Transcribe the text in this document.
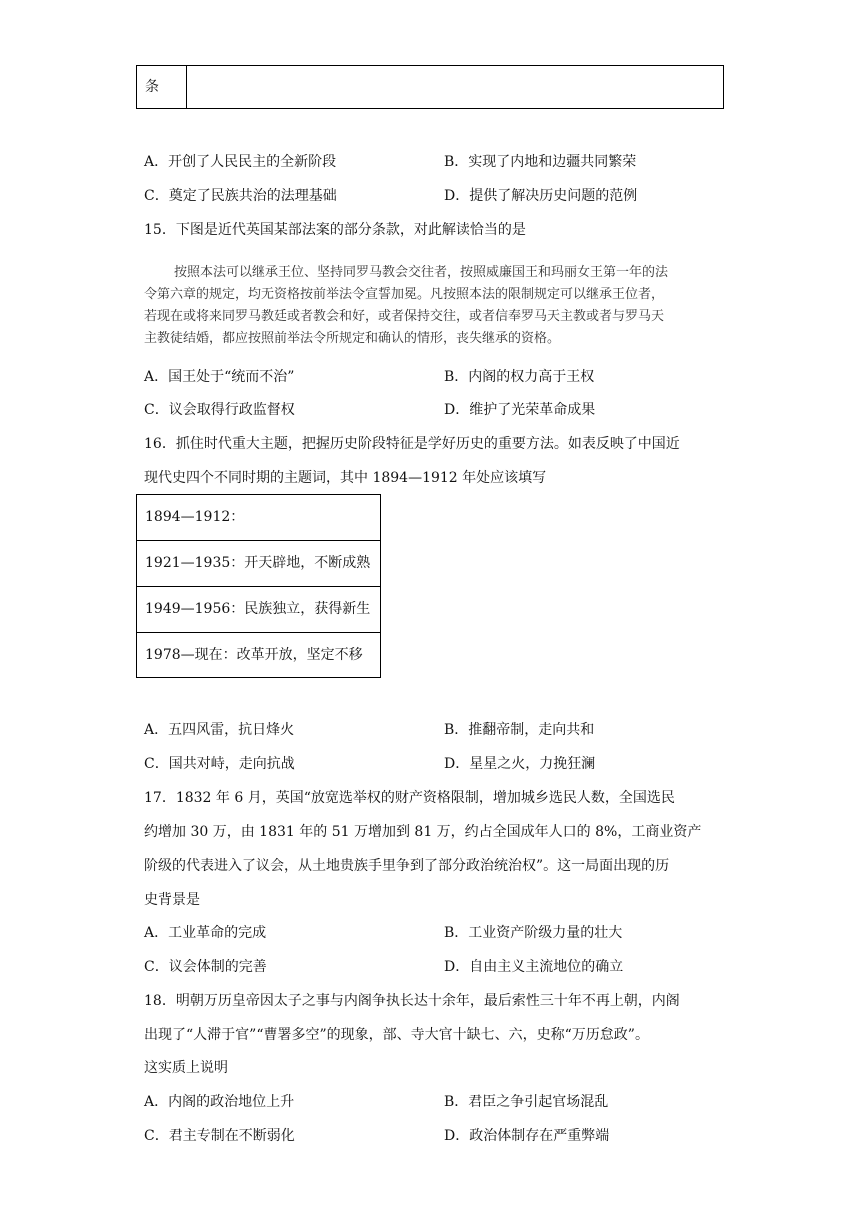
条
A．开创了人民民主的全新阶段	B．实现了内地和边疆共同繁荣
C．奠定了民族共治的法理基础	D．提供了解决历史问题的范例
15．下图是近代英国某部法案的部分条款，对此解读恰当的是

按照本法可以继承王位、坚持同罗马教会交往者，按照威廉国王和玛丽女王第一年的法

令第六章的规定，均无资格按前举法令宣誓加冕。凡按照本法的限制规定可以继承王位者，

若现在或将来同罗马教廷或者教会和好，或者保持交往，或者信奉罗马天主教或者与罗马天

主教徒结婚，都应按照前举法令所规定和确认的情形，丧失继承的资格。

A．国王处于“统而不治”	B．内阁的权力高于王权
C．议会取得行政监督权	D．维护了光荣革命成果
16．抓住时代重大主题，把握历史阶段特征是学好历史的重要方法。如表反映了中国近
现代史四个不同时期的主题词，其中 1894—1912 年处应该填写
1894—1912：
1921—1935：开天辟地，不断成熟
1949—1956：民族独立，获得新生
1978—现在：改革开放，坚定不移
A．五四风雷，抗日烽火	B．推翻帝制，走向共和
C．国共对峙，走向抗战	D．星星之火，力挽狂澜
17．1832 年 6 月，英国“放宽选举权的财产资格限制，增加城乡选民人数，全国选民
约增加 30 万，由 1831 年的 51 万增加到 81 万，约占全国成年人口的 8%，工商业资产
阶级的代表进入了议会，从土地贵族手里争到了部分政治统治权”。这一局面出现的历
史背景是
A．工业革命的完成	B．工业资产阶级力量的壮大
C．议会体制的完善	D．自由主义主流地位的确立
18．明朝万历皇帝因太子之事与内阁争执长达十余年，最后索性三十年不再上朝，内阁
出现了“人滞于官”“曹署多空”的现象，部、寺大官十缺七、六，史称“万历怠政”。
这实质上说明
A．内阁的政治地位上升	B．君臣之争引起官场混乱
C．君主专制在不断弱化	D．政治体制存在严重弊端
